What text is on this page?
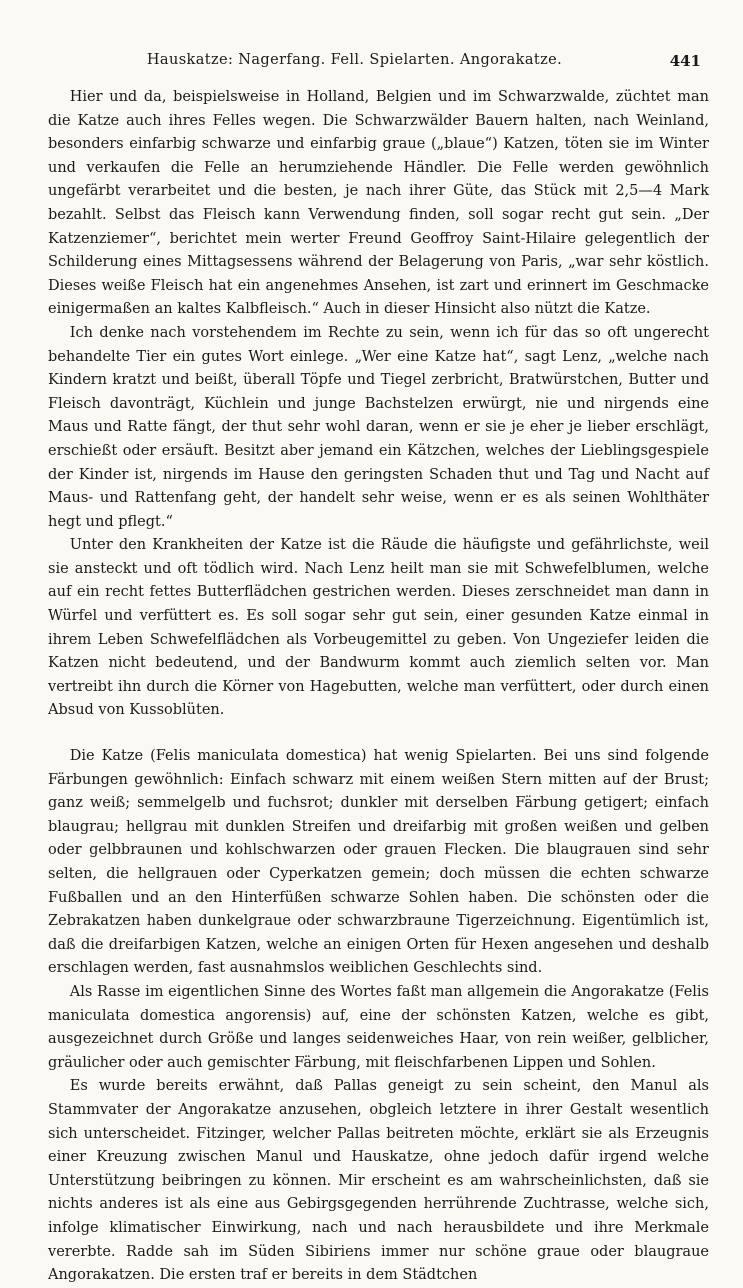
Hauskatze: Nagerfang. Fell. Spielarten. Angorakatze.	441

Hier und da, beispielsweise in Holland, Belgien und im Schwarzwalde, züchtet man die Katze auch ihres Felles wegen. Die Schwarzwälder Bauern halten, nach Weinland, besonders einfarbig schwarze und einfarbig graue („blaue“) Katzen, töten sie im Winter und verkaufen die Felle an herumziehende Händler. Die Felle werden gewöhnlich ungefärbt verarbeitet und die besten, je nach ihrer Güte, das Stück mit 2,5—4 Mark bezahlt. Selbst das Fleisch kann Verwendung finden, soll sogar recht gut sein. „Der Katzenziemer“, berichtet mein werter Freund Geoffroy Saint-Hilaire gelegentlich der Schilderung eines Mittagsessens während der Belagerung von Paris, „war sehr köstlich. Dieses weiße Fleisch hat ein angenehmes Ansehen, ist zart und erinnert im Geschmacke einigermaßen an kaltes Kalbfleisch.“ Auch in dieser Hinsicht also nützt die Katze.

Ich denke nach vorstehendem im Rechte zu sein, wenn ich für das so oft ungerecht behandelte Tier ein gutes Wort einlege. „Wer eine Katze hat“, sagt Lenz, „welche nach Kindern kratzt und beißt, überall Töpfe und Tiegel zerbricht, Bratwürstchen, Butter und Fleisch davonträgt, Küchlein und junge Bachstelzen erwürgt, nie und nirgends eine Maus und Ratte fängt, der thut sehr wohl daran, wenn er sie je eher je lieber erschlägt, erschießt oder ersäuft. Besitzt aber jemand ein Kätzchen, welches der Lieblingsgespiele der Kinder ist, nirgends im Hause den geringsten Schaden thut und Tag und Nacht auf Maus- und Rattenfang geht, der handelt sehr weise, wenn er es als seinen Wohlthäter hegt und pflegt.“

Unter den Krankheiten der Katze ist die Räude die häufigste und gefährlichste, weil sie ansteckt und oft tödlich wird. Nach Lenz heilt man sie mit Schwefelblumen, welche auf ein recht fettes Butterflädchen gestrichen werden. Dieses zerschneidet man dann in Würfel und verfüttert es. Es soll sogar sehr gut sein, einer gesunden Katze einmal in ihrem Leben Schwefelflädchen als Vorbeugemittel zu geben. Von Ungeziefer leiden die Katzen nicht bedeutend, und der Bandwurm kommt auch ziemlich selten vor. Man vertreibt ihn durch die Körner von Hagebutten, welche man verfüttert, oder durch einen Absud von Kussoblüten.

Die Katze (Felis maniculata domestica) hat wenig Spielarten. Bei uns sind folgende Färbungen gewöhnlich: Einfach schwarz mit einem weißen Stern mitten auf der Brust; ganz weiß; semmelgelb und fuchsrot; dunkler mit derselben Färbung getigert; einfach blaugrau; hellgrau mit dunklen Streifen und dreifarbig mit großen weißen und gelben oder gelbbraunen und kohlschwarzen oder grauen Flecken. Die blaugrauen sind sehr selten, die hellgrauen oder Cyperkatzen gemein; doch müssen die echten schwarze Fußballen und an den Hinterfüßen schwarze Sohlen haben. Die schönsten oder die Zebrakatzen haben dunkelgraue oder schwarzbraune Tigerzeichnung. Eigentümlich ist, daß die dreifarbigen Katzen, welche an einigen Orten für Hexen angesehen und deshalb erschlagen werden, fast ausnahmslos weiblichen Geschlechts sind.

Als Rasse im eigentlichen Sinne des Wortes faßt man allgemein die Angorakatze (Felis maniculata domestica angorensis) auf, eine der schönsten Katzen, welche es gibt, ausgezeichnet durch Größe und langes seidenweiches Haar, von rein weißer, gelblicher, gräulicher oder auch gemischter Färbung, mit fleischfarbenen Lippen und Sohlen.

Es wurde bereits erwähnt, daß Pallas geneigt zu sein scheint, den Manul als Stammvater der Angorakatze anzusehen, obgleich letztere in ihrer Gestalt wesentlich sich unterscheidet. Fitzinger, welcher Pallas beitreten möchte, erklärt sie als Erzeugnis einer Kreuzung zwischen Manul und Hauskatze, ohne jedoch dafür irgend welche Unterstützung beibringen zu können. Mir erscheint es am wahrscheinlichsten, daß sie nichts anderes ist als eine aus Gebirgsgegenden herrührende Zuchtrasse, welche sich, infolge klimatischer Einwirkung, nach und nach herausbildete und ihre Merkmale vererbte. Radde sah im Süden Sibiriens immer nur schöne graue oder blaugraue Angorakatzen. Die ersten traf er bereits in dem Städtchen
